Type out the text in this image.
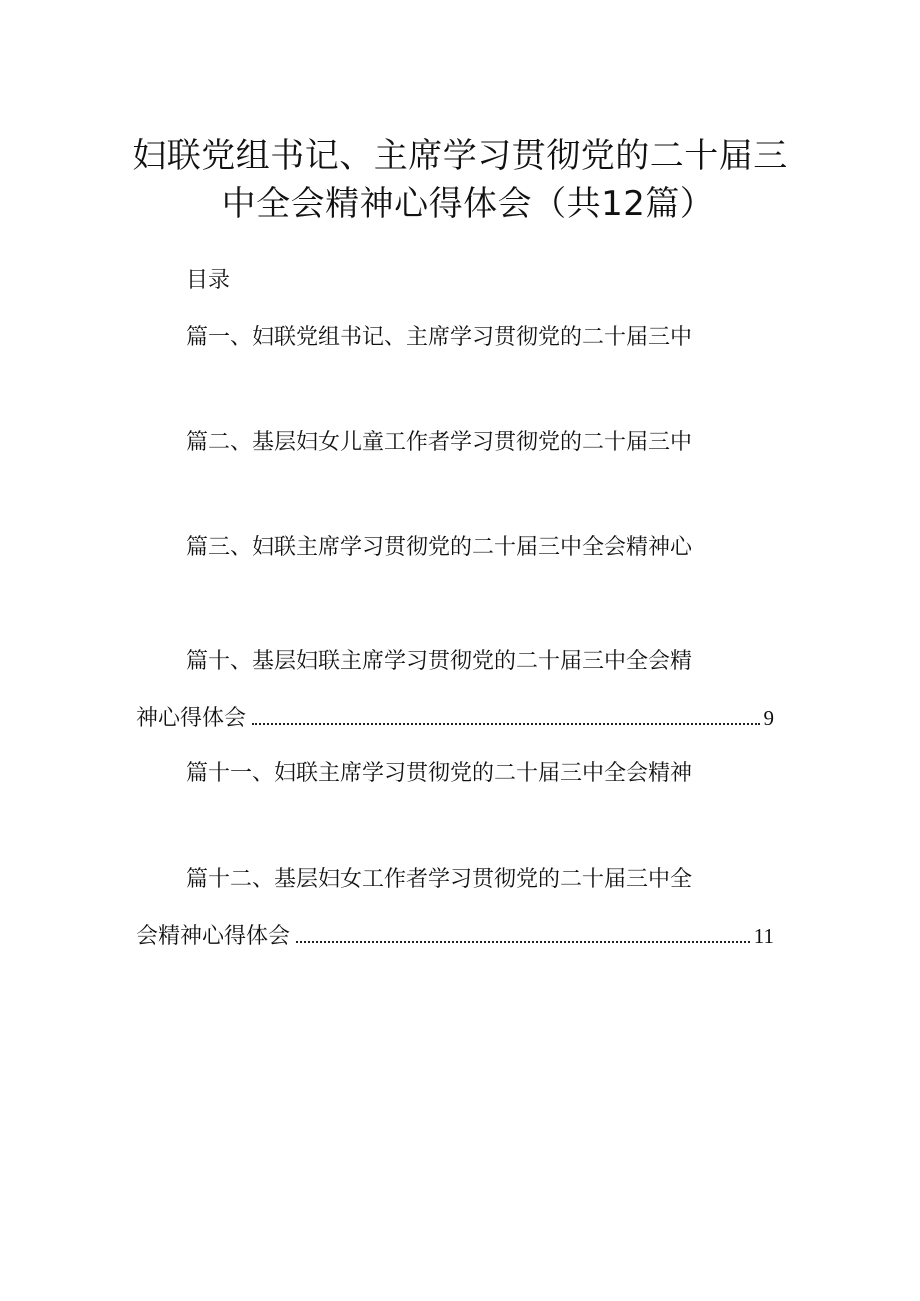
妇联党组书记、主席学习贯彻党的二十届三
中全会精神心得体会（共12篇）
目录
篇一、妇联党组书记、主席学习贯彻党的二十届三中
篇二、基层妇女儿童工作者学习贯彻党的二十届三中
篇三、妇联主席学习贯彻党的二十届三中全会精神心
篇十、基层妇联主席学习贯彻党的二十届三中全会精
神心得体会	9
篇十一、妇联主席学习贯彻党的二十届三中全会精神
篇十二、基层妇女工作者学习贯彻党的二十届三中全
会精神心得体会	11
